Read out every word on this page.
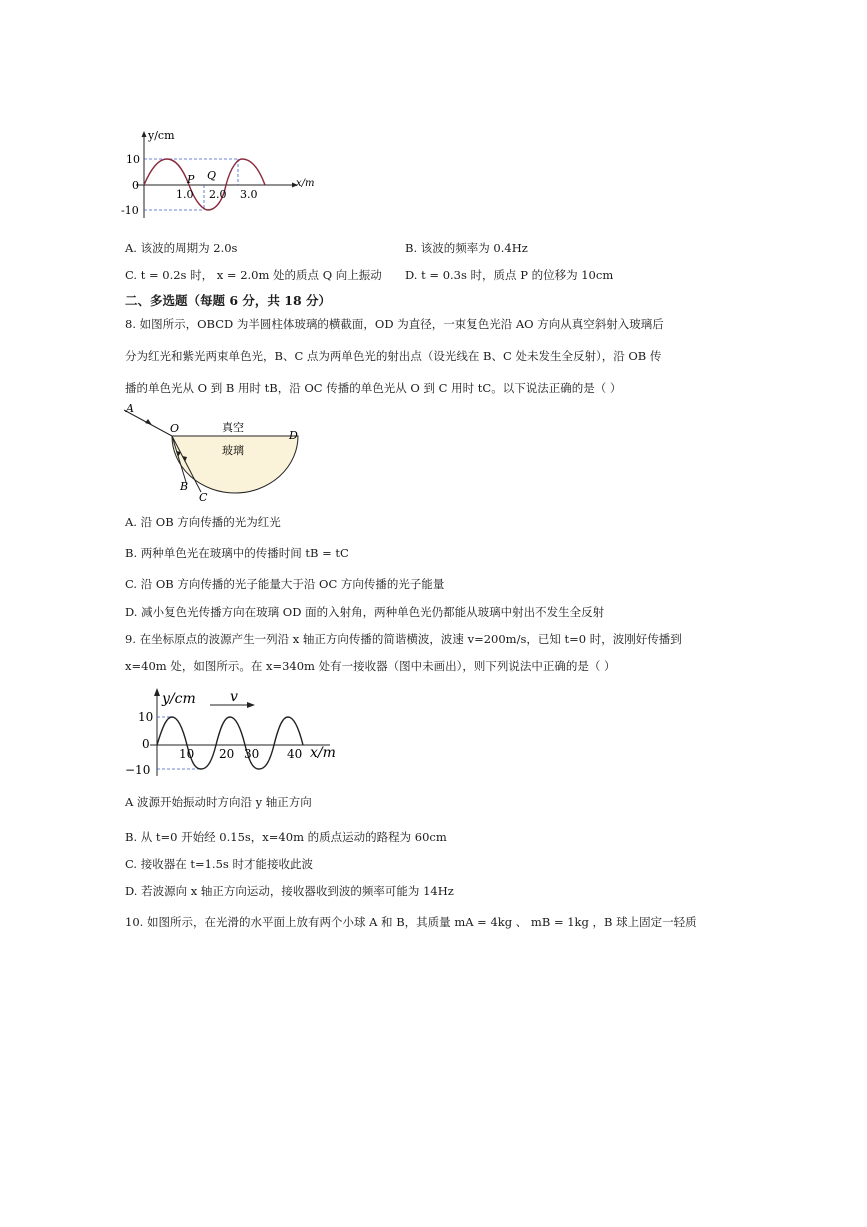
y/cm
x/m
10
0
-10
1.0 2.0 3.0
P Q
A. 该波的周期为 2.0s	B. 该波的频率为 0.4Hz
C. t = 0.2s 时， x = 2.0m 处的质点 Q 向上振动 D. t = 0.3s 时，质点 P 的位移为 10cm
二、多选题（每题 6 分，共 18 分）
8. 如图所示，OBCD 为半圆柱体玻璃的横截面，OD 为直径，一束复色光沿 AO 方向从真空斜射入玻璃后
分为红光和紫光两束单色光，B、C 点为两单色光的射出点（设光线在 B、C 处未发生全反射），沿 OB 传
播的单色光从 O 到 B 用时 tB，沿 OC 传播的单色光从 O 到 C 用时 tC。以下说法正确的是（ ）
A
O
D
B
C
真空
玻璃
A. 沿 OB 方向传播的光为红光
B. 两种单色光在玻璃中的传播时间 tB = tC
C. 沿 OB 方向传播的光子能量大于沿 OC 方向传播的光子能量
D. 减小复色光传播方向在玻璃 OD 面的入射角，两种单色光仍都能从玻璃中射出不发生全反射
9. 在坐标原点的波源产生一列沿 x 轴正方向传播的简谐横波，波速 v=200m/s，已知 t=0 时，波刚好传播到
x=40m 处，如图所示。在 x=340m 处有一接收器（图中未画出），则下列说法中正确的是（ ）
v
y/cm
x/m
10
0
−10
10 20 30 40
A 波源开始振动时方向沿 y 轴正方向
B. 从 t=0 开始经 0.15s，x=40m 的质点运动的路程为 60cm
C. 接收器在 t=1.5s 时才能接收此波
D. 若波源向 x 轴正方向运动，接收器收到波的频率可能为 14Hz
10. 如图所示，在光滑的水平面上放有两个小球 A 和 B，其质量 mA = 4kg 、 mB = 1kg ，B 球上固定一轻质
